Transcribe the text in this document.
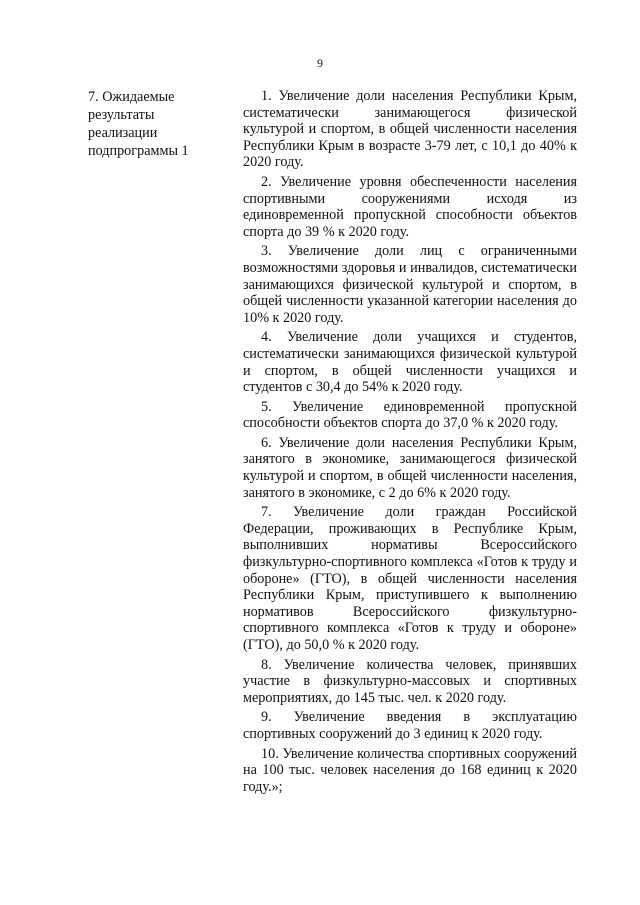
9
7. Ожидаемые
результаты
реализации
подпрограммы 1

1. Увеличение доли населения Республики Крым, систематически занимающегося физической культурой и спортом, в общей численности населения Республики Крым в возрасте 3-79 лет, с 10,1 до 40% к 2020 году.

2. Увеличение уровня обеспеченности населения спортивными сооружениями исходя из единовременной пропускной способности объектов спорта до 39 % к 2020 году.

3. Увеличение доли лиц с ограниченными возможностями здоровья и инвалидов, систематически занимающихся физической культурой и спортом, в общей численности указанной категории населения до 10% к 2020 году.

4. Увеличение доли учащихся и студентов, систематически занимающихся физической культурой и спортом, в общей численности учащихся и студентов с 30,4 до 54% к 2020 году.

5. Увеличение единовременной пропускной способности объектов спорта до 37,0 % к 2020 году.

6. Увеличение доли населения Республики Крым, занятого в экономике, занимающегося физической культурой и спортом, в общей численности населения, занятого в экономике, с 2 до 6% к 2020 году.

7. Увеличение доли граждан Российской Федерации, проживающих в Республике Крым, выполнивших нормативы Всероссийского физкультурно-спортивного комплекса «Готов к труду и обороне» (ГТО), в общей численности населения Республики Крым, приступившего к выполнению нормативов Всероссийского физкультурно-спортивного комплекса «Готов к труду и обороне» (ГТО), до 50,0 % к 2020 году.

8. Увеличение количества человек, принявших участие в физкультурно-массовых и спортивных мероприятиях, до 145 тыс. чел. к 2020 году.

9. Увеличение введения в эксплуатацию спортивных сооружений до 3 единиц к 2020 году.

10. Увеличение количества спортивных сооружений на 100 тыс. человек населения до 168 единиц к 2020 году.»;
